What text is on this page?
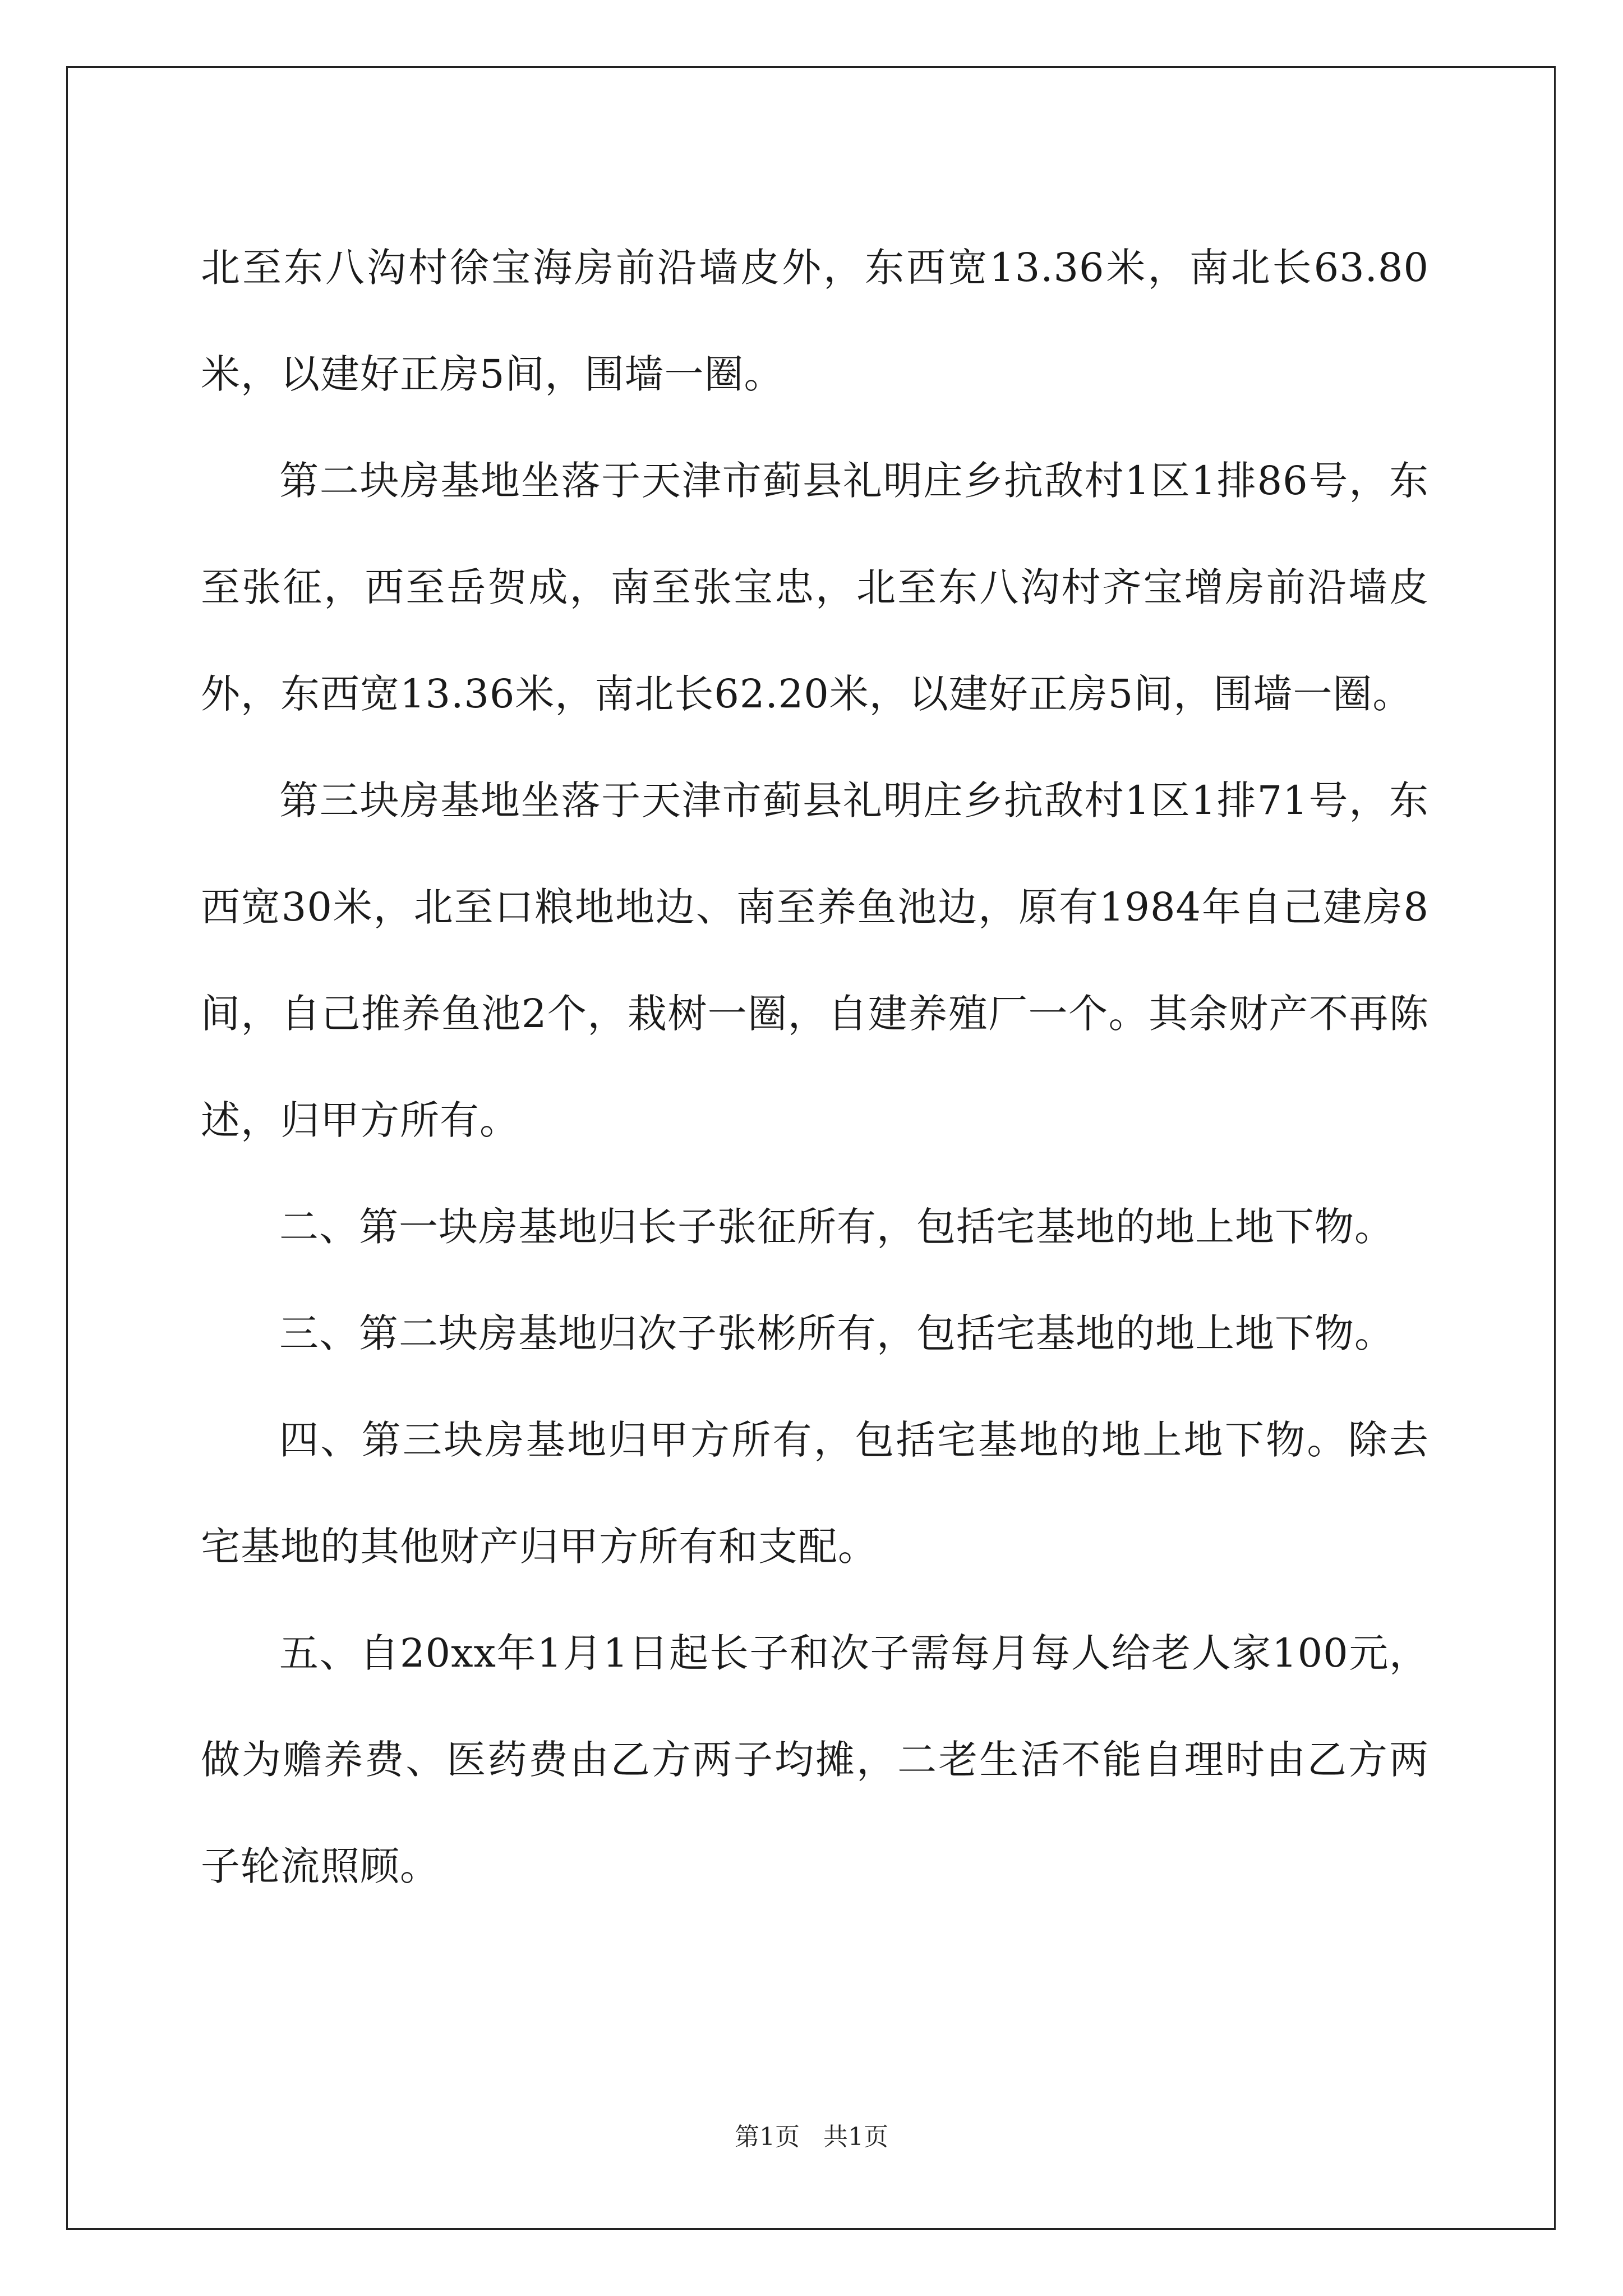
北至东八沟村徐宝海房前沿墙皮外，东西宽13.36米，南北长63.80米，以建好正房5间，围墙一圈。

第二块房基地坐落于天津市蓟县礼明庄乡抗敌村1区1排86号，东至张征，西至岳贺成，南至张宝忠，北至东八沟村齐宝增房前沿墙皮外，东西宽13.36米，南北长62.20米，以建好正房5间，围墙一圈。

第三块房基地坐落于天津市蓟县礼明庄乡抗敌村1区1排71号，东西宽30米，北至口粮地地边、南至养鱼池边，原有1984年自己建房8间，自己推养鱼池2个，栽树一圈，自建养殖厂一个。其余财产不再陈述，归甲方所有。

二、第一块房基地归长子张征所有，包括宅基地的地上地下物。

三、第二块房基地归次子张彬所有，包括宅基地的地上地下物。

四、第三块房基地归甲方所有，包括宅基地的地上地下物。除去宅基地的其他财产归甲方所有和支配。

五、自20xx年1月1日起长子和次子需每月每人给老人家100元，做为赡养费、医药费由乙方两子均摊，二老生活不能自理时由乙方两子轮流照顾。

第1页 共1页
